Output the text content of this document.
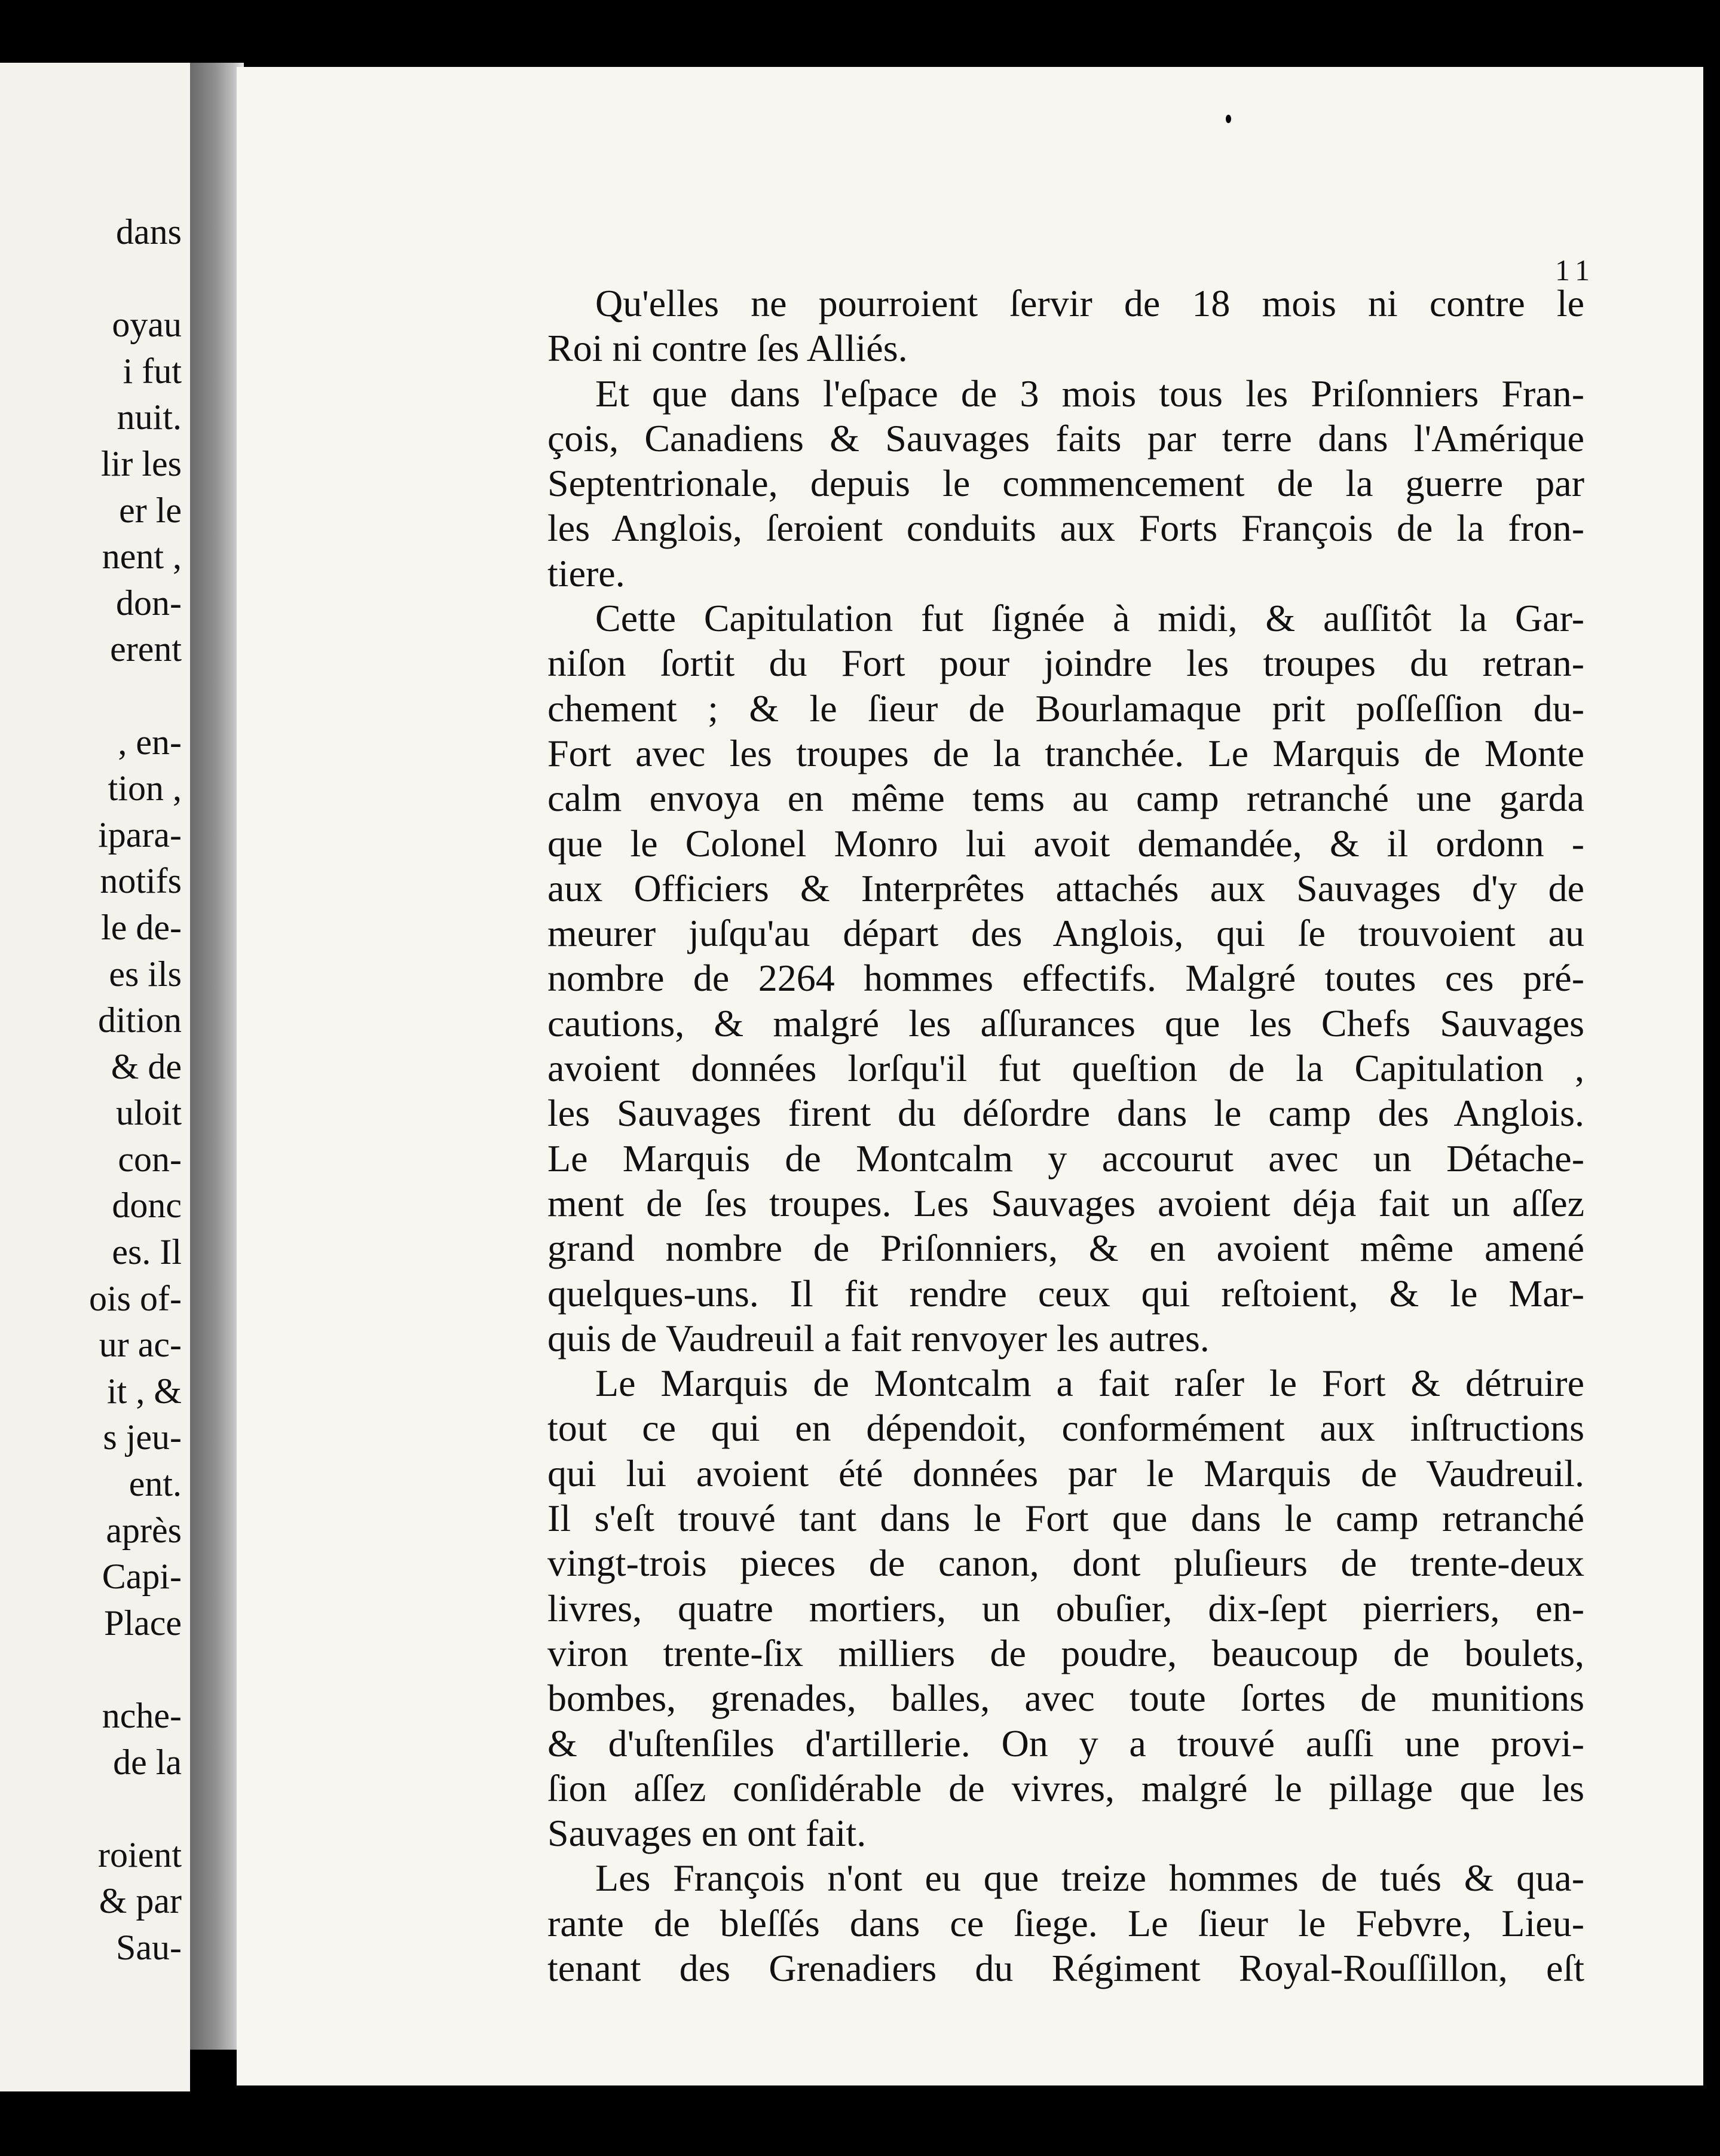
dans
oyau
i fut
nuit.
lir les
er le
nent ,
don-
erent
, en-
tion ,
ipara-
notifs
le de-
es ils
dition
& de
uloit
con-
donc
es. Il
ois of-
ur ac-
it , &
s jeu-
ent.
après
Capi-
Place
nche-
de la
roient
& par
Sau-
11
Qu'elles ne pourroient ſervir de 18 mois ni contre le
Roi ni contre ſes Alliés.
Et que dans l'eſpace de 3 mois tous les Priſonniers Fran-
çois, Canadiens & Sauvages faits par terre dans l'Amérique
Septentrionale, depuis le commencement de la guerre par
les Anglois, ſeroient conduits aux Forts François de la fron-
tiere.
Cette Capitulation fut ſignée à midi, & auſſitôt la Gar-
niſon ſortit du Fort pour joindre les troupes du retran-
chement ; & le ſieur de Bourlamaque prit poſſeſſion du-
Fort avec les troupes de la tranchée. Le Marquis de Monte
calm envoya en même tems au camp retranché une garda
que le Colonel Monro lui avoit demandée, & il ordonn -
aux Officiers & Interprêtes attachés aux Sauvages d'y de
meurer juſqu'au départ des Anglois, qui ſe trouvoient au
nombre de 2264 hommes effectifs. Malgré toutes ces pré-
cautions, & malgré les aſſurances que les Chefs Sauvages
avoient données lorſqu'il fut queſtion de la Capitulation ,
les Sauvages firent du déſordre dans le camp des Anglois.
Le Marquis de Montcalm y accourut avec un Détache-
ment de ſes troupes. Les Sauvages avoient déja fait un aſſez
grand nombre de Priſonniers, & en avoient même amené
quelques-uns. Il fit rendre ceux qui reſtoient, & le Mar-
quis de Vaudreuil a fait renvoyer les autres.
Le Marquis de Montcalm a fait raſer le Fort & détruire
tout ce qui en dépendoit, conformément aux inſtructions
qui lui avoient été données par le Marquis de Vaudreuil.
Il s'eſt trouvé tant dans le Fort que dans le camp retranché
vingt-trois pieces de canon, dont pluſieurs de trente-deux
livres, quatre mortiers, un obuſier, dix-ſept pierriers, en-
viron trente-ſix milliers de poudre, beaucoup de boulets,
bombes, grenades, balles, avec toute ſortes de munitions
& d'uſtenſiles d'artillerie. On y a trouvé auſſi une provi-
ſion aſſez conſidérable de vivres, malgré le pillage que les
Sauvages en ont fait.
Les François n'ont eu que treize hommes de tués & qua-
rante de bleſſés dans ce ſiege. Le ſieur le Febvre, Lieu-
tenant des Grenadiers du Régiment Royal-Rouſſillon, eſt
